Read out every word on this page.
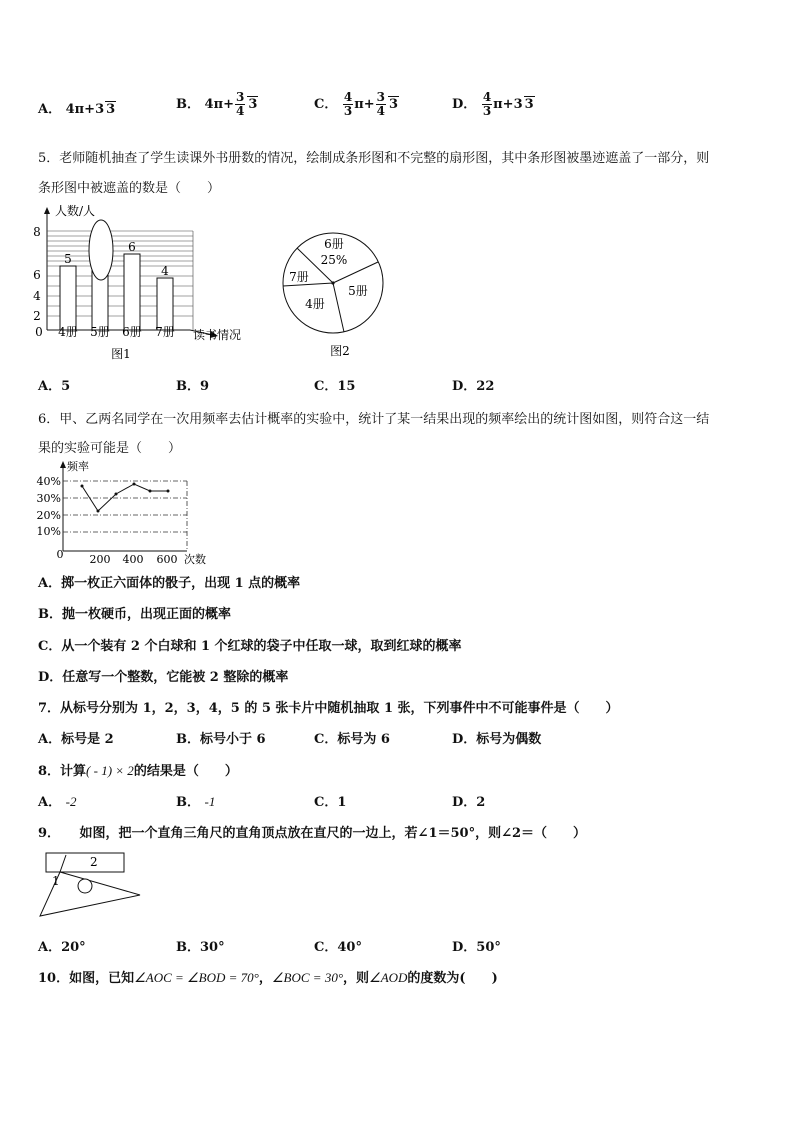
A． 4π+3 3	B． $4\pi+ \frac{3}{4} 3$	C． $\frac{4}{3} \pi+ \frac{3}{4} 3$	D． $\frac{4}{3} \pi+3$ 3
5．老师随机抽查了学生读课外书册数的情况，绘制成条形图和不完整的扇形图，其中条形图被墨迹遮盖了一部分，则
条形图中被遮盖的数是（　　）
5
6
4
2
4
6
8
0
人数/人
4册 5册 6册 7册 读书情况
图1
6册
25%
5册
4册
7册
图2
A．5	B．9	C．15	D．22
6．甲、乙两名同学在一次用频率去估计概率的实验中，统计了某一结果出现的频率绘出的统计图如图，则符合这一结
果的实验可能是（　　）
10%
20%
30%
40%
频率
0 200 400 600 次数
A．掷一枚正六面体的骰子，出现 1 点的概率
B．抛一枚硬币，出现正面的概率
C．从一个装有 2 个白球和 1 个红球的袋子中任取一球，取到红球的概率
D．任意写一个整数，它能被 2 整除的概率
7．从标号分别为 1，2，3，4，5 的 5 张卡片中随机抽取 1 张，下列事件中不可能事件是（　　）
A．标号是 2	B．标号小于 6	C．标号为 6	D．标号为偶数
8．计算( - 1) × 2的结果是（　　）
A． -2	B． -1	C．1	D．2
9．　　如图，把一个直角三角尺的直角顶点放在直尺的一边上，若∠1＝50°，则∠2＝（　　）
1
2
A．20°	B．30°	C．40°	D．50°
10．如图，已知∠AOC = ∠BOD = 70°，∠BOC = 30°，则∠AOD的度数为(　　)
